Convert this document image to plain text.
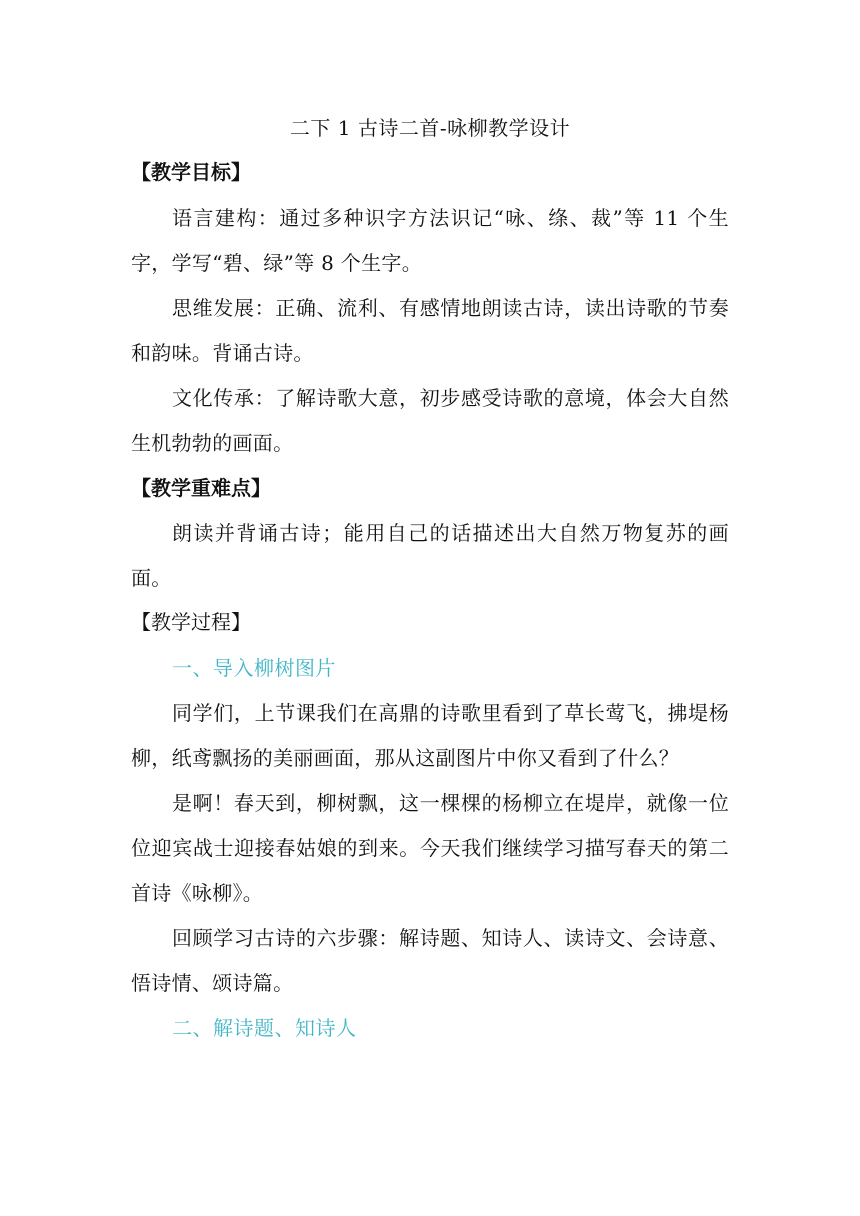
二下 1 古诗二首-咏柳教学设计
【教学目标】
语言建构：通过多种识字方法识记“咏、绦、裁”等 11 个生字，学写“碧、绿”等 8 个生字。
思维发展：正确、流利、有感情地朗读古诗，读出诗歌的节奏和韵味。背诵古诗。
文化传承：了解诗歌大意，初步感受诗歌的意境，体会大自然生机勃勃的画面。
【教学重难点】
朗读并背诵古诗；能用自己的话描述出大自然万物复苏的画面。
【教学过程】
一、导入柳树图片
同学们，上节课我们在高鼎的诗歌里看到了草长莺飞，拂堤杨柳，纸鸢飘扬的美丽画面，那从这副图片中你又看到了什么？
是啊！春天到，柳树飘，这一棵棵的杨柳立在堤岸，就像一位位迎宾战士迎接春姑娘的到来。今天我们继续学习描写春天的第二首诗《咏柳》。
回顾学习古诗的六步骤：解诗题、知诗人、读诗文、会诗意、悟诗情、颂诗篇。
二、解诗题、知诗人
